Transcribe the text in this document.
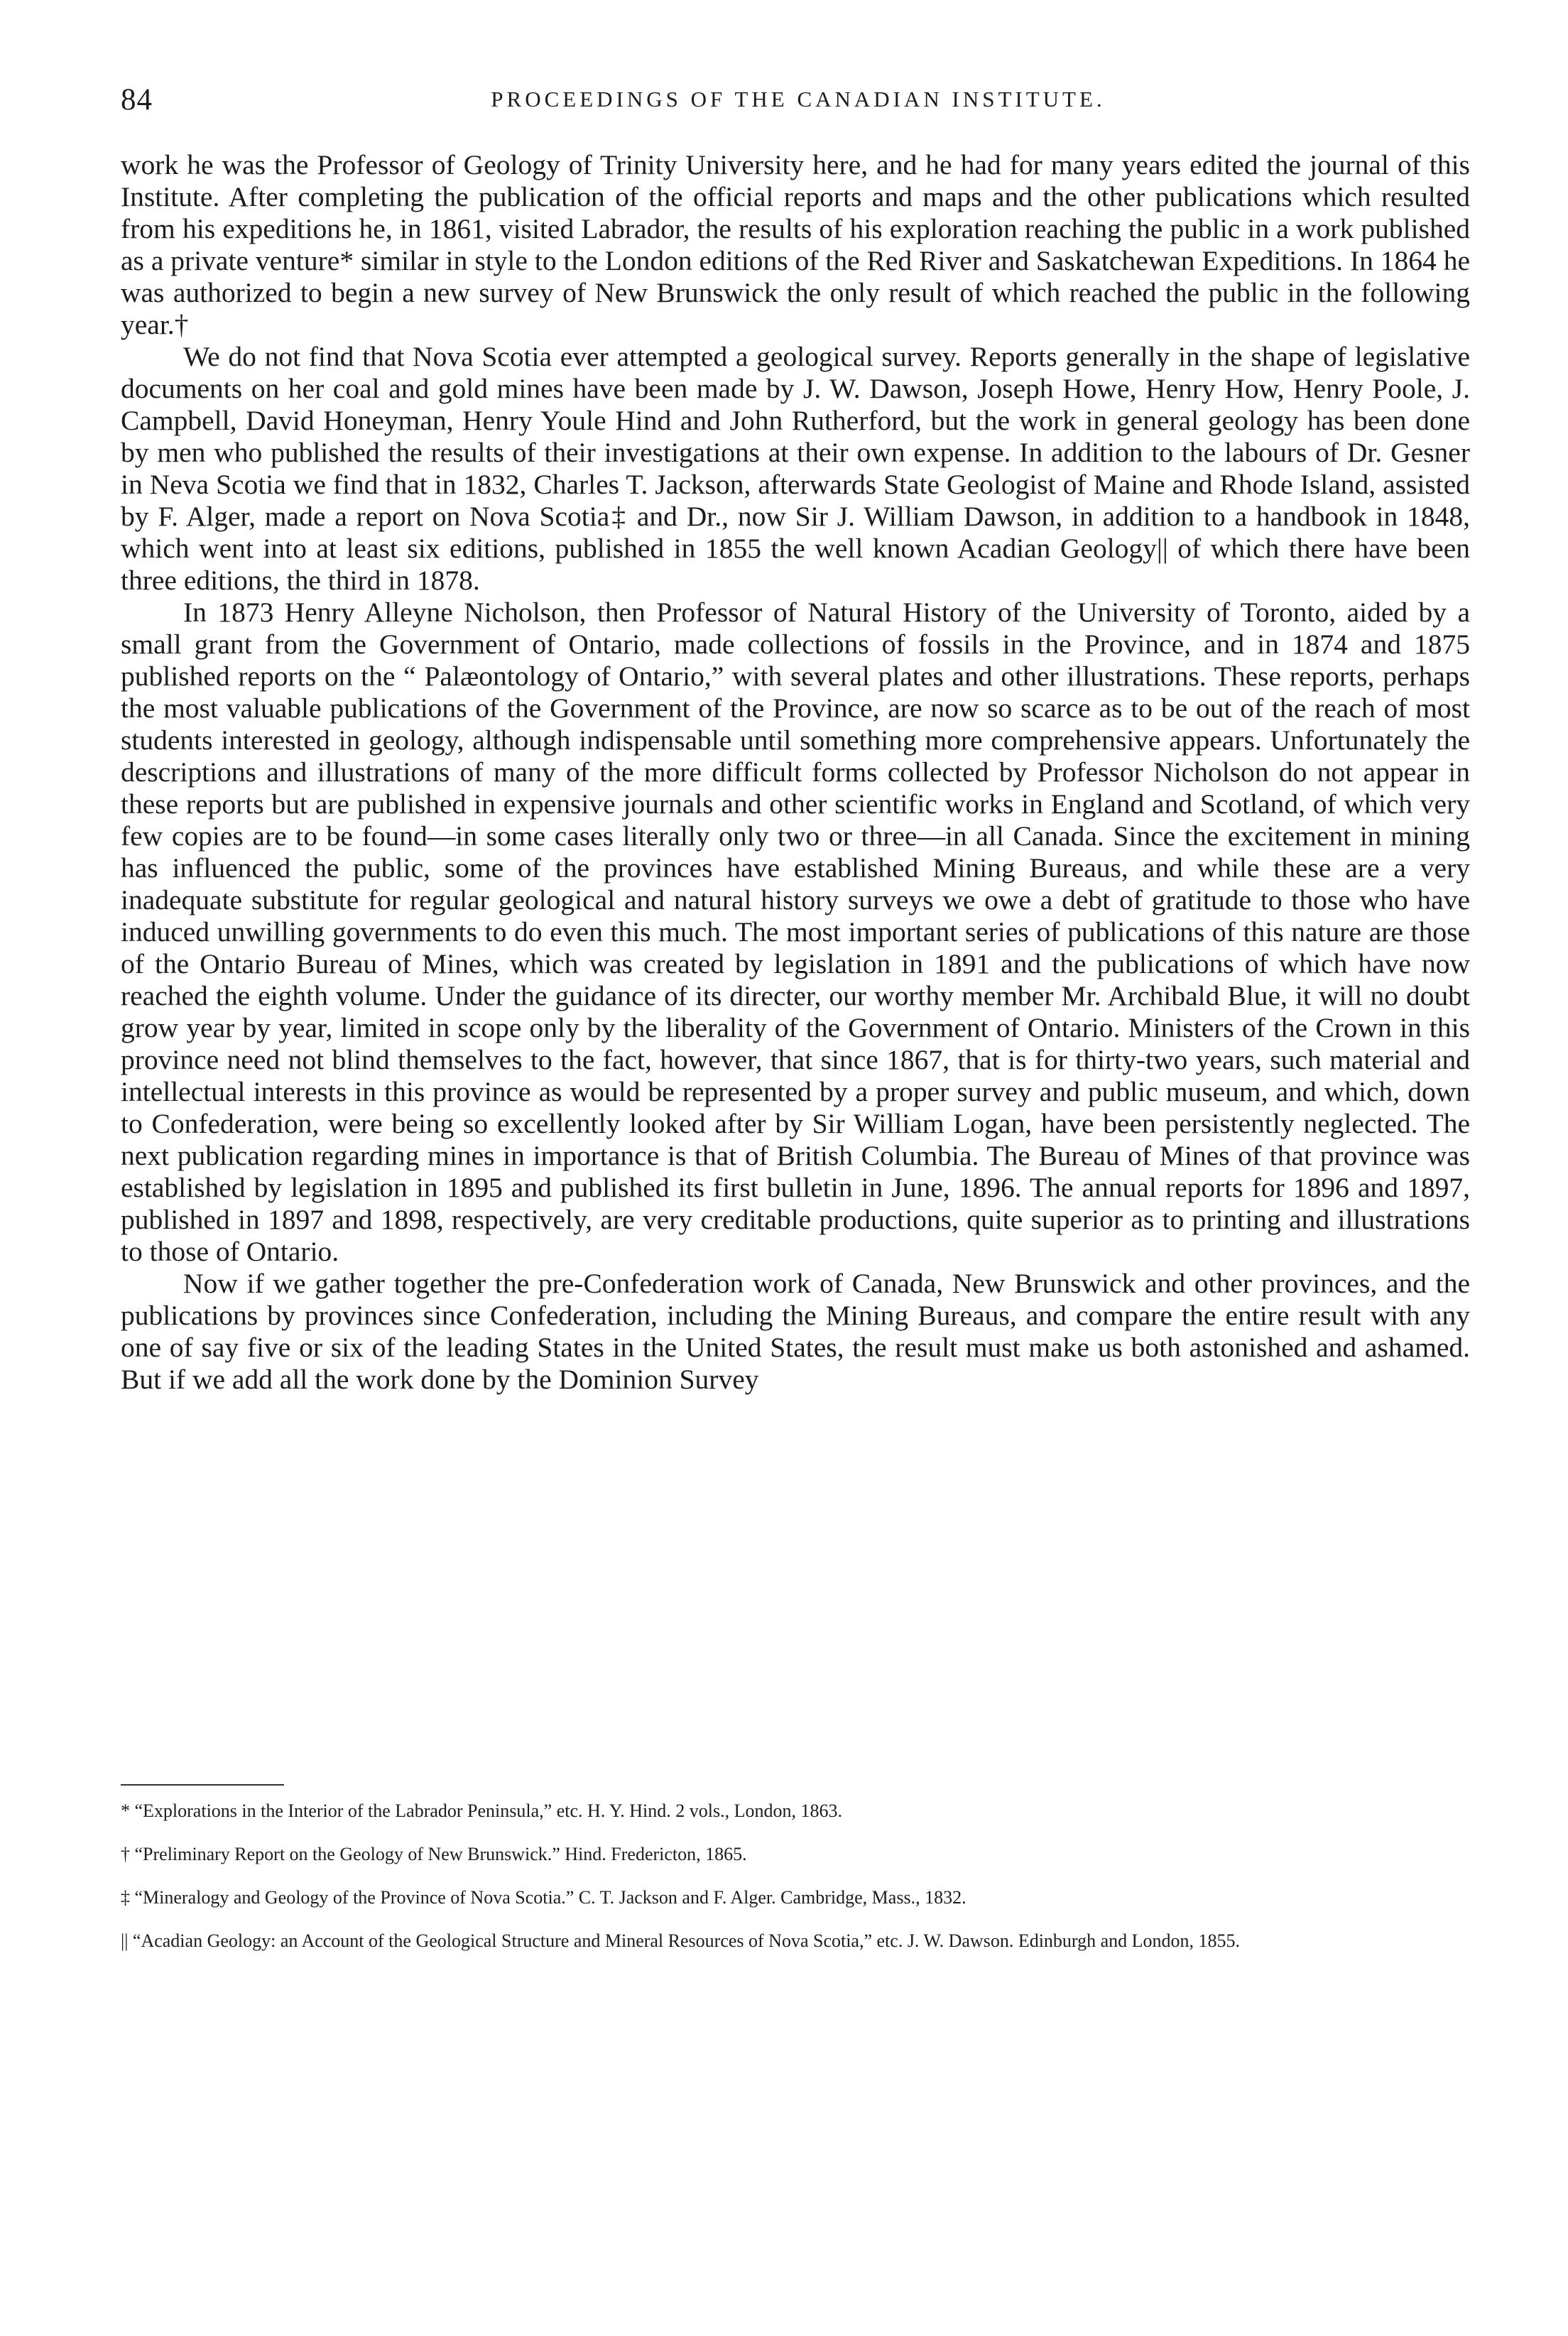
84	PROCEEDINGS OF THE CANADIAN INSTITUTE.

work he was the Professor of Geology of Trinity University here, and he had for many years edited the journal of this Institute. After completing the publication of the official reports and maps and the other publications which resulted from his expeditions he, in 1861, visited Labrador, the results of his exploration reaching the public in a work published as a private venture* similar in style to the London editions of the Red River and Saskatchewan Expeditions. In 1864 he was authorized to begin a new survey of New Brunswick the only result of which reached the public in the following year.†

We do not find that Nova Scotia ever attempted a geological survey. Reports generally in the shape of legislative documents on her coal and gold mines have been made by J. W. Dawson, Joseph Howe, Henry How, Henry Poole, J. Campbell, David Honeyman, Henry Youle Hind and John Rutherford, but the work in general geology has been done by men who published the results of their investigations at their own expense. In addition to the labours of Dr. Gesner in Neva Scotia we find that in 1832, Charles T. Jackson, afterwards State Geologist of Maine and Rhode Island, assisted by F. Alger, made a report on Nova Scotia‡ and Dr., now Sir J. William Dawson, in addition to a handbook in 1848, which went into at least six editions, published in 1855 the well known Acadian Geology|| of which there have been three editions, the third in 1878.

In 1873 Henry Alleyne Nicholson, then Professor of Natural History of the University of Toronto, aided by a small grant from the Government of Ontario, made collections of fossils in the Province, and in 1874 and 1875 published reports on the “ Palæontology of Ontario,” with several plates and other illustrations. These reports, perhaps the most valuable publications of the Government of the Province, are now so scarce as to be out of the reach of most students interested in geology, although indispensable until something more comprehensive appears. Unfortunately the descriptions and illustrations of many of the more difficult forms collected by Professor Nicholson do not appear in these reports but are published in expensive journals and other scientific works in England and Scotland, of which very few copies are to be found—in some cases literally only two or three—in all Canada. Since the excitement in mining has influenced the public, some of the provinces have established Mining Bureaus, and while these are a very inadequate substitute for regular geological and natural history surveys we owe a debt of gratitude to those who have induced unwilling governments to do even this much. The most important series of publications of this nature are those of the Ontario Bureau of Mines, which was created by legislation in 1891 and the publications of which have now reached the eighth volume. Under the guidance of its directer, our worthy member Mr. Archibald Blue, it will no doubt grow year by year, limited in scope only by the liberality of the Government of Ontario. Ministers of the Crown in this province need not blind themselves to the fact, however, that since 1867, that is for thirty-two years, such material and intellectual interests in this province as would be represented by a proper survey and public museum, and which, down to Confederation, were being so excellently looked after by Sir William Logan, have been persistently neglected. The next publication regarding mines in importance is that of British Columbia. The Bureau of Mines of that province was established by legislation in 1895 and published its first bulletin in June, 1896. The annual reports for 1896 and 1897, published in 1897 and 1898, respectively, are very creditable productions, quite superior as to printing and illustrations to those of Ontario.

Now if we gather together the pre-Confederation work of Canada, New Brunswick and other provinces, and the publications by provinces since Confederation, including the Mining Bureaus, and compare the entire result with any one of say five or six of the leading States in the United States, the result must make us both astonished and ashamed. But if we add all the work done by the Dominion Survey

* “Explorations in the Interior of the Labrador Peninsula,” etc. H. Y. Hind. 2 vols., London, 1863.

† “Preliminary Report on the Geology of New Brunswick.” Hind. Fredericton, 1865.

‡ “Mineralogy and Geology of the Province of Nova Scotia.” C. T. Jackson and F. Alger. Cambridge, Mass., 1832.

|| “Acadian Geology: an Account of the Geological Structure and Mineral Resources of Nova Scotia,” etc. J. W. Dawson. Edinburgh and London, 1855.
